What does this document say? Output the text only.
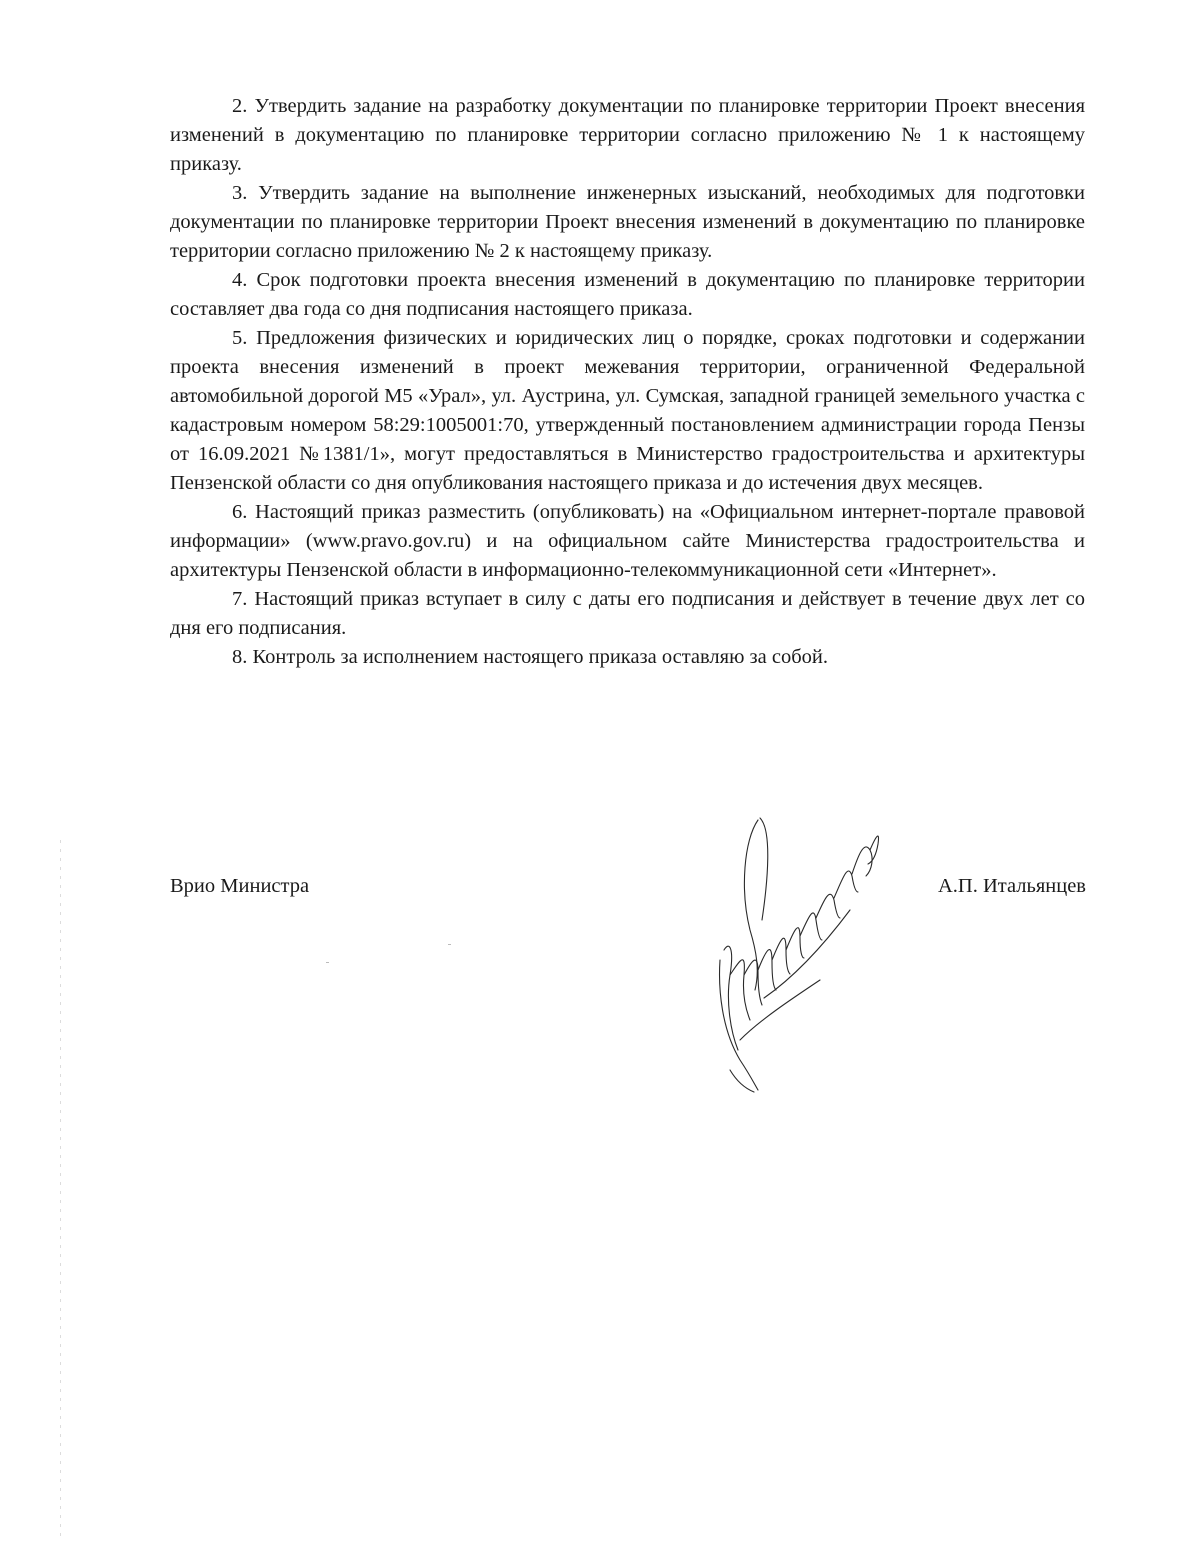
2. Утвердить задание на разработку документации по планировке территории Проект внесения изменений в документацию по планировке территории согласно приложению № 1 к настоящему приказу.

3. Утвердить задание на выполнение инженерных изысканий, необходимых для подготовки документации по планировке территории Проект внесения изменений в документацию по планировке территории согласно приложению № 2 к настоящему приказу.

4. Срок подготовки проекта внесения изменений в документацию по планировке территории составляет два года со дня подписания настоящего приказа.

5. Предложения физических и юридических лиц о порядке, сроках подготовки и содержании проекта внесения изменений в проект межевания территории, ограниченной Федеральной автомобильной дорогой М5 «Урал», ул. Аустрина, ул. Сумская, западной границей земельного участка с кадастровым номером 58:29:1005001:70, утвержденный постановлением администрации города Пензы от 16.09.2021 №1381/1», могут предоставляться в Министерство градостроительства и архитектуры Пензенской области со дня опубликования настоящего приказа и до истечения двух месяцев.

6. Настоящий приказ разместить (опубликовать) на «Официальном интернет-портале правовой информации» (www.pravo.gov.ru) и на официальном сайте Министерства градостроительства и архитектуры Пензенской области в информационно-телекоммуникационной сети «Интернет».

7. Настоящий приказ вступает в силу с даты его подписания и действует в течение двух лет со дня его подписания.

8. Контроль за исполнением настоящего приказа оставляю за собой.

Врио Министра	А.П. Итальянцев
